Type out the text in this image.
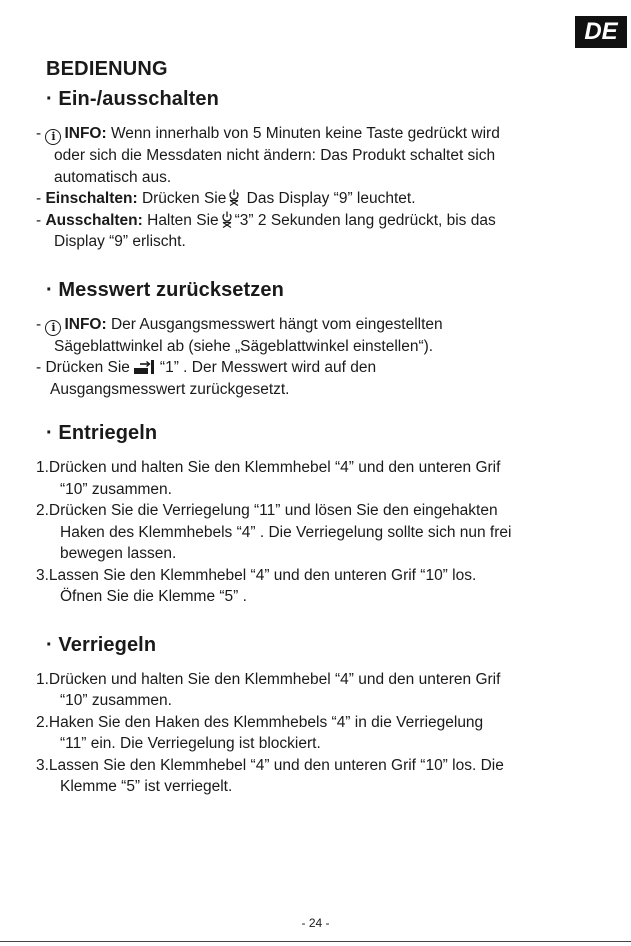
DE
BEDIENUNG
· Ein-/ausschalten
- i INFO: Wenn innerhalb von 5 Minuten keine Taste gedrückt wird
oder sich die Messdaten nicht ändern: Das Produkt schaltet sich
automatisch aus.
- Einschalten: Drücken Sie Das Display “9” leuchtet.
- Ausschalten: Halten Sie “3” 2 Sekunden lang gedrückt, bis das
Display “9” erlischt.
· Messwert zurücksetzen
- i INFO: Der Ausgangsmesswert hängt vom eingestellten
Sägeblattwinkel ab (siehe „Sägeblattwinkel einstellen“).
- Drücken Sie “1” . Der Messwert wird auf den
Ausgangsmesswert zurückgesetzt.
· Entriegeln
1.Drücken und halten Sie den Klemmhebel “4” und den unteren Grif
“10” zusammen.
2.Drücken Sie die Verriegelung “11” und lösen Sie den eingehakten
Haken des Klemmhebels “4” . Die Verriegelung sollte sich nun frei
bewegen lassen.
3.Lassen Sie den Klemmhebel “4” und den unteren Grif “10” los.
Öfnen Sie die Klemme “5” .
· Verriegeln
1.Drücken und halten Sie den Klemmhebel “4” und den unteren Grif
“10” zusammen.
2.Haken Sie den Haken des Klemmhebels “4” in die Verriegelung
“11” ein. Die Verriegelung ist blockiert.
3.Lassen Sie den Klemmhebel “4” und den unteren Grif “10” los. Die
Klemme “5” ist verriegelt.
- 24 -
